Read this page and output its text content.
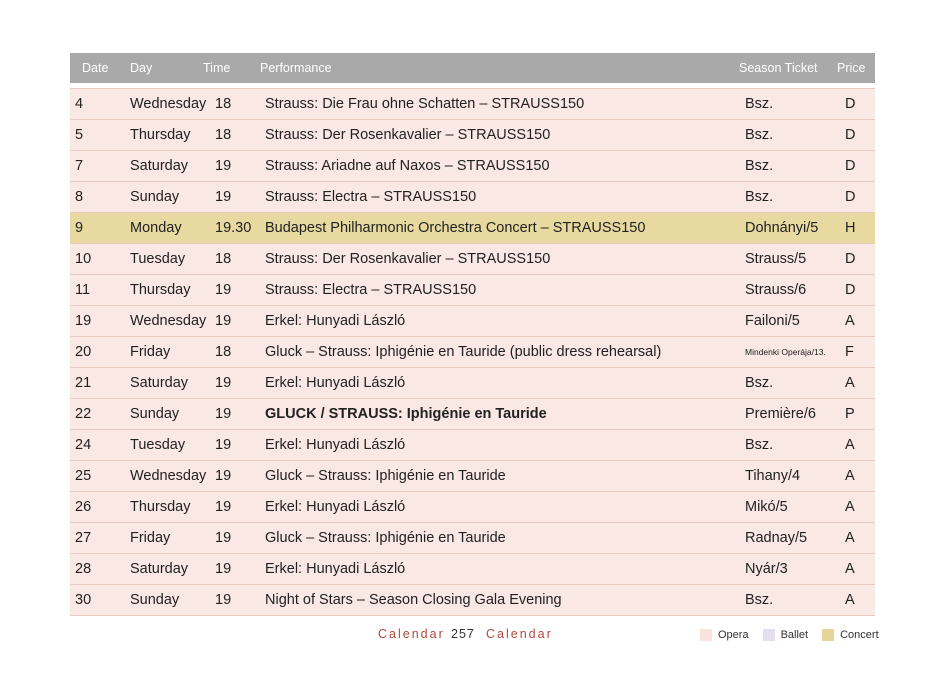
Date	Day	Time	Performance	Season Ticket	Price
4	Wednesday 18	Strauss: Die Frau ohne Schatten – STRAUSS150	Bsz.	D
5	Thursday	18	Strauss: Der Rosenkavalier – STRAUSS150	Bsz.	D
7	Saturday	19	Strauss: Ariadne auf Naxos – STRAUSS150	Bsz.	D
8	Sunday	19	Strauss: Electra – STRAUSS150	Bsz.	D
9	Monday	19.30 Budapest Philharmonic Orchestra Concert – STRAUSS150	Dohnányi/5	H
10	Tuesday	18	Strauss: Der Rosenkavalier – STRAUSS150	Strauss/5	D
11	Thursday	19	Strauss: Electra – STRAUSS150	Strauss/6	D
19	Wednesday 19	Erkel: Hunyadi László	Failoni/5	A
20	Friday	18	Gluck – Strauss: Iphigénie en Tauride (public dress rehearsal)	Mindenki Operája/13.	F
21	Saturday	19	Erkel: Hunyadi László	Bsz.	A
22	Sunday	19	GLUCK / STRAUSS: Iphigénie en Tauride	Première/6	P
24	Tuesday	19	Erkel: Hunyadi László	Bsz.	A
25	Wednesday 19	Gluck – Strauss: Iphigénie en Tauride	Tihany/4	A
26	Thursday	19	Erkel: Hunyadi László	Mikó/5	A
27	Friday	19	Gluck – Strauss: Iphigénie en Tauride	Radnay/5	A
28	Saturday	19	Erkel: Hunyadi László	Nyár/3	A
30	Sunday	19	Night of Stars – Season Closing Gala Evening	Bsz.	A
Calendar 257 Calendar	Opera	Ballet	Concert
